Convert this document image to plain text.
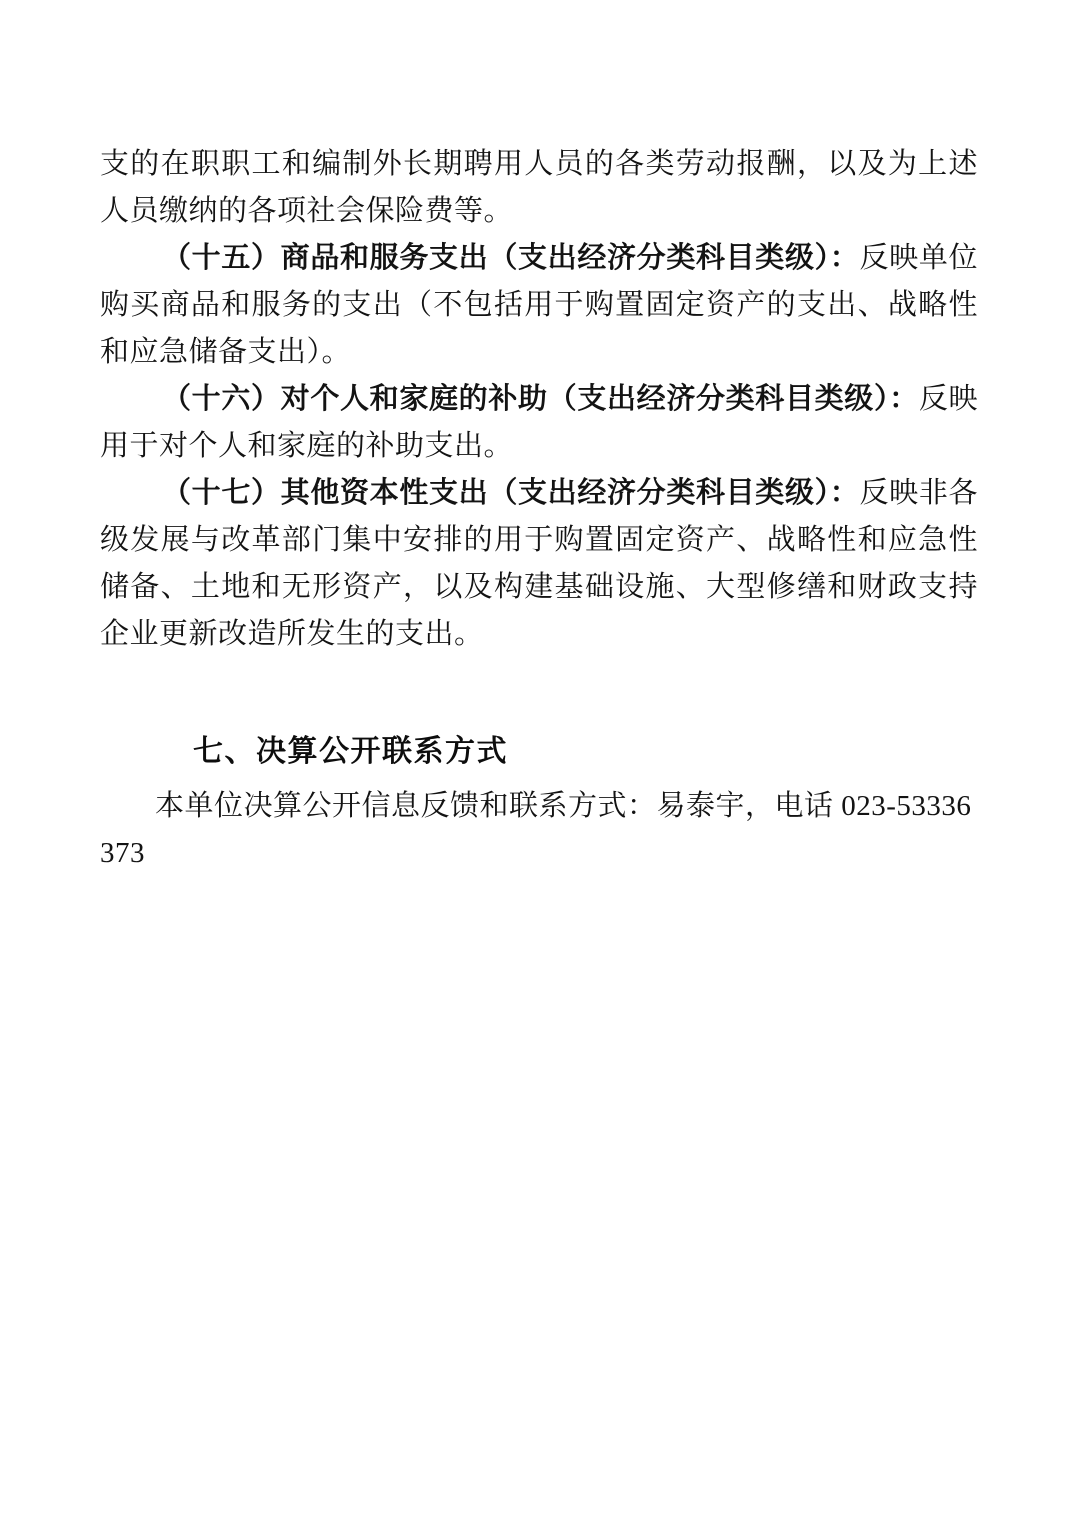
支的在职职工和编制外长期聘用人员的各类劳动报酬，以及为上述人员缴纳的各项社会保险费等。

（十五）商品和服务支出（支出经济分类科目类级）：反映单位购买商品和服务的支出（不包括用于购置固定资产的支出、战略性和应急储备支出）。

（十六）对个人和家庭的补助（支出经济分类科目类级）：反映用于对个人和家庭的补助支出。

（十七）其他资本性支出（支出经济分类科目类级）：反映非各级发展与改革部门集中安排的用于购置固定资产、战略性和应急性储备、土地和无形资产，以及构建基础设施、大型修缮和财政支持企业更新改造所发生的支出。

七、决算公开联系方式

本单位决算公开信息反馈和联系方式：易泰宇，电话 023-53336373
